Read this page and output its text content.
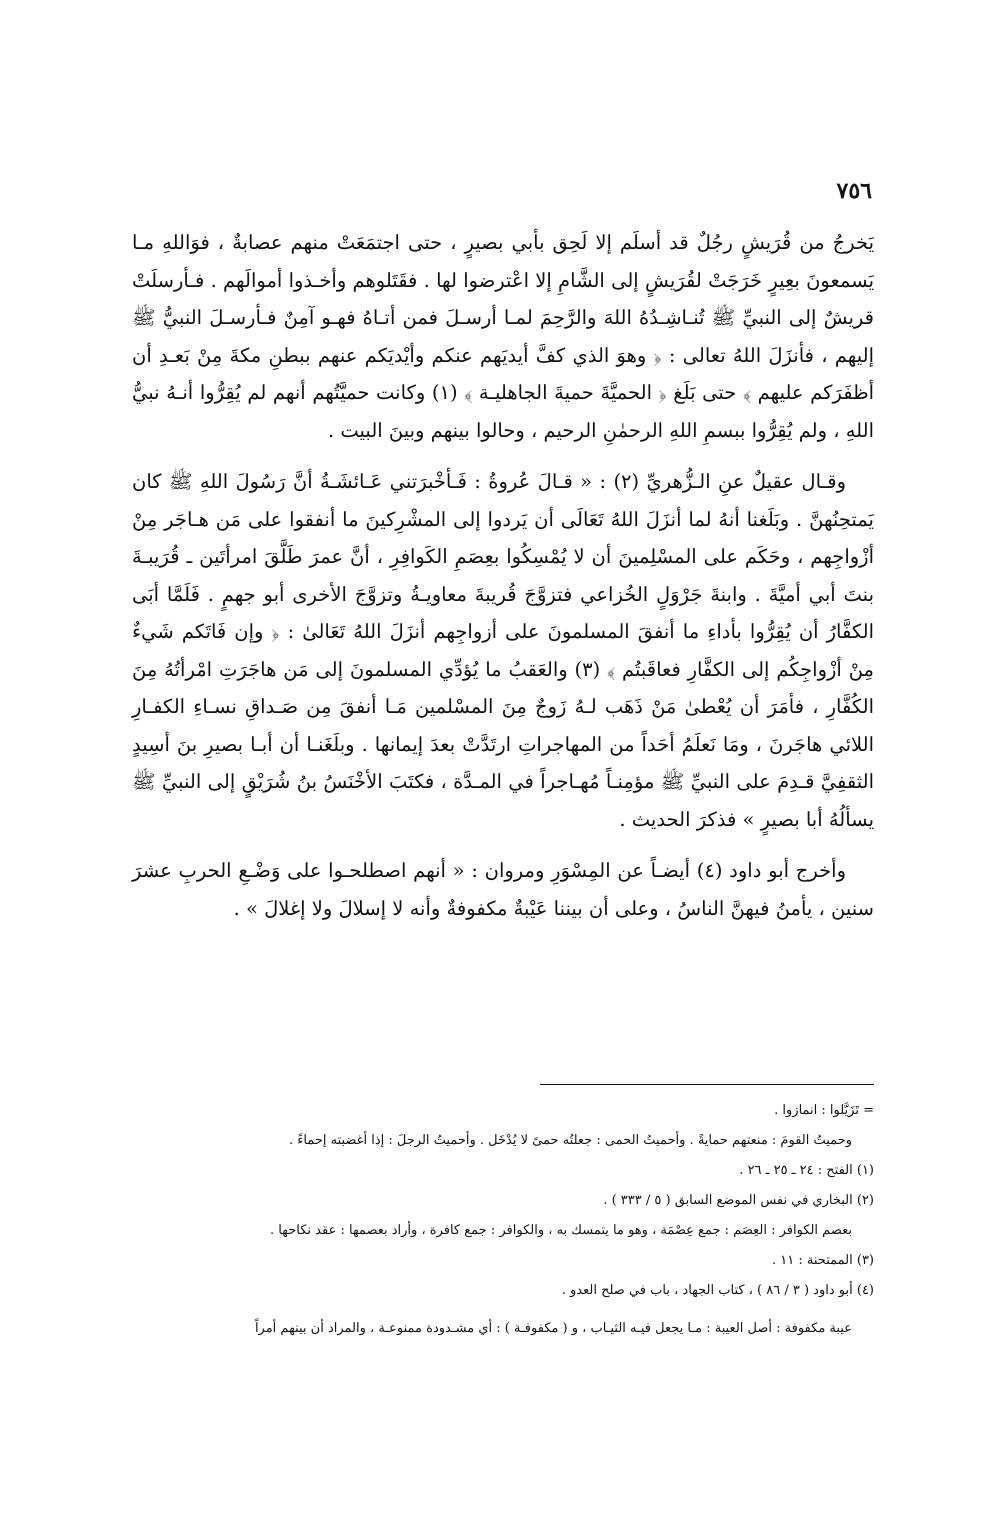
٧٥٦

يَخرجُ من قُرَيشٍ رجُلٌ قد أسلَم إلا لَحِق بأبي بصيرٍ ، حتى اجتمَعَتْ منهم عصابةٌ ، فوَاللهِ مـا يَسمعونَ بعِيرٍ خَرَجَتْ لقُرَيشٍ إلى الشَّامِ إلا اعْترضوا لها . فقَتَلوهم وأخـذوا أموالَهم . فـأرسلَتْ قريشٌ إلى النبيِّ ﷺ تُنـاشِـدُهُ اللهَ والرَّحِمَ لمـا أرسـلَ فمن أتـاهُ فهـو آمِنٌ فـأرسـلَ النبيُّ ﷺ إليهم ، فأنزَلَ اللهُ تعالى : ﴿ وهوَ الذي كفَّ أيديَهم عنكم وأيْديَكم عنهم ببطنِ مكةَ مِنْ بَعـدِ أن أظفَرَكم عليهم ﴾ حتى بَلَغ ﴿ الحميَّةَ حميةَ الجاهليـة ﴾ (١) وكانت حميَّتُهم أنهم لم يُقِرُّوا أنـهُ نبيُّ اللهِ ، ولم يُقِرُّوا ببسمِ اللهِ الرحمٰنِ الرحيم ، وحالوا بينهم وبينَ البيت .

وقـال عقيلٌ عنِ الـزُّهريِّ (٢) : « قـالَ عُروةُ : فَـأخْبرَتني عَـائشَـةُ أنَّ رَسُولَ اللهِ ﷺ كان يَمتحِنُهنَّ . وبَلَغنا أنهُ لما أنزَلَ اللهُ تَعَالَى أن يَردوا إلى المشْرِكينَ ما أنفقوا على مَن هـاجَر مِنْ أزْواجِهم ، وحَكَم على المسْلِمينَ أن لا يُمْسِكُوا بعِصَمِ الكَوافِرِ ، أنَّ عمرَ طَلَّقَ امرأتَين ـ قُرَيبـةَ بنتَ أبي أميَّةَ . وابنةَ جَرْوَلٍ الخُزاعي فتزوَّجَ قُريبةَ معاويـةُ وتزوَّجَ الأخرى أبو جهمٍ . فَلَمَّا أبَى الكفَّارُ أن يُقِرُّوا بأداءِ ما أنفقَ المسلمونَ على أزواجِهم أنزَلَ اللهُ تَعَالىٰ : ﴿ وإن فَاتَكم شَيءٌ مِنْ أزْواجِكُم إلى الكفَّارِ فعاقَبتُم ﴾ (٣) والعَقبُ ما يُؤدِّي المسلمونَ إلى مَن هاجَرَتِ امْرأتُهُ مِنَ الكُفَّارِ ، فأمَرَ أن يُعْطىٰ مَنْ ذَهَب لـهُ زَوجٌ مِنَ المسْلمين مَـا أنفقَ مِن صَـداقِ نسـاءِ الكفـارِ اللائي هاجَرنَ ، ومَا نَعلَمُ أحَداً من المهاجراتِ ارتَدَّتْ بعدَ إيمانها . وبلَغَنـا أن أبـا بصيرِ بنَ أسِيدٍ الثقفِيَّ قـدِمَ على النبيِّ ﷺ مؤمِنـاً مُهـاجراً في المـدَّة ، فكتَبَ الأخْنَسُ بنُ شُرَيْقٍ إلى النبيِّ ﷺ يسألُهُ أبا بصيرٍ » فذكرَ الحديث .

وأخرج أبو داود (٤) أيضـاً عن المِسْوَرِ ومروان : « أنهم اصطلحـوا على وَضْـعِ الحربِ عشرَ سنين ، يأمنُ فيهنَّ الناسُ ، وعلى أن بيننا عَيْبةٌ مكفوفةٌ وأنه لا إسلالَ ولا إغلالَ » .

= تَزَيَّلوا : انمازوا .

وحميتُ القومَ : منعتهم حمايةً . وأحميتُ الحمى : جعلتُه حمىً لا يُدْخَل . وأحميتُ الرجلَ : إذا أغضبته إحماءً .

(١) الفتح : ٢٤ ـ ٢٥ ـ ٢٦ .

(٢) البخاري في نفس الموضع السابق ( ٥ / ٣٣٣ ) .

بعصم الكوافر : العِصَم : جمع عِصْمَة ، وهو ما يتمسك به ، والكوافر : جمع كافرة ، وأراد بعصمها : عقد نكاحها .

(٣) الممتحنة : ١١ .

(٤) أبو داود ( ٣ / ٨٦ ) ، كتاب الجهاد ، باب في صلح العدو .

عيبة مكفوفة : أصل العيبة : مـا يجعل فيـه الثيـاب ، و ( مكفوفـة ) : أي مشـدودة ممنوعـة ، والمراد أن بينهم أمراً
